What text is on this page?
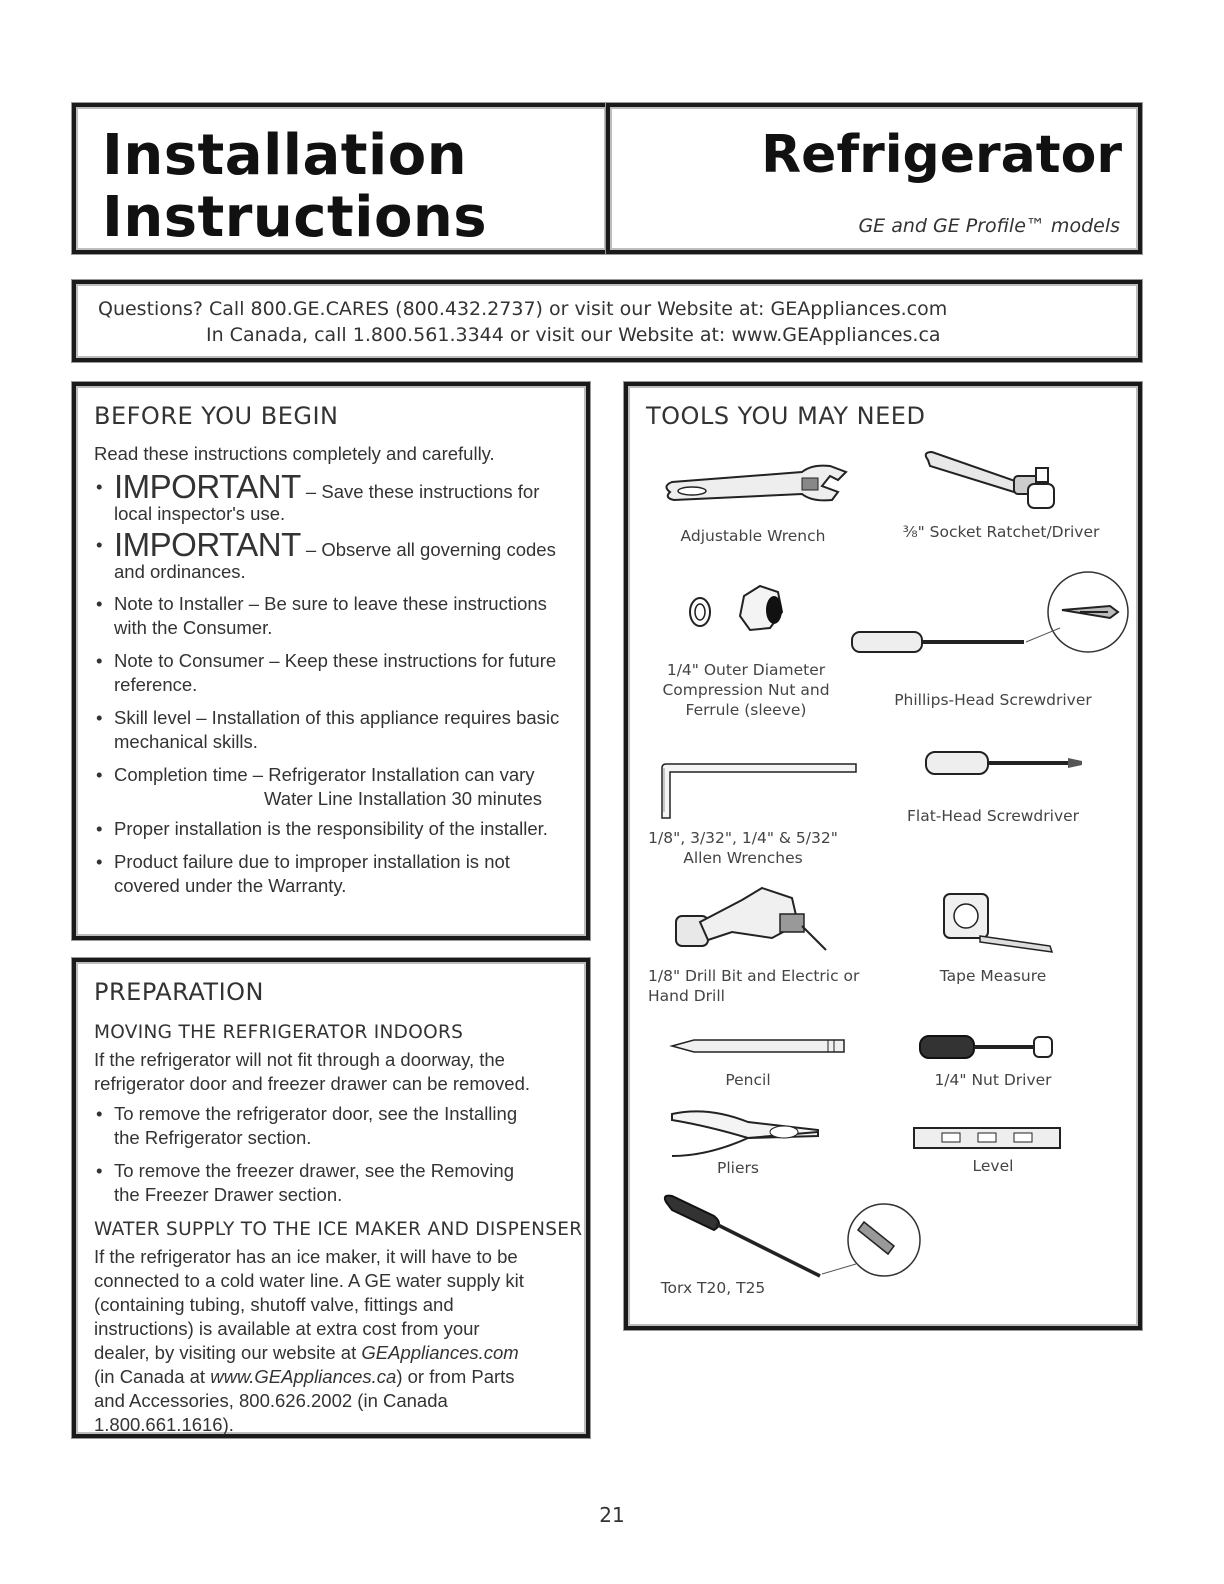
Installation
Instructions
Refrigerator
GE and GE Profile™ models
Questions? Call 800.GE.CARES (800.432.2737) or visit our Website at: GEAppliances.com
In Canada, call 1.800.561.3344 or visit our Website at: www.GEAppliances.ca
BEFORE YOU BEGIN
Read these instructions completely and carefully.
• IMPORTANT – Save these instructions for local inspector's use.
• IMPORTANT – Observe all governing codes and ordinances.
• Note to Installer – Be sure to leave these instructions with the Consumer.
• Note to Consumer – Keep these instructions for future reference.
• Skill level – Installation of this appliance requires basic mechanical skills.
• Completion time – Refrigerator Installation can vary
Water Line Installation 30 minutes
• Proper installation is the responsibility of the installer.
• Product failure due to improper installation is not covered under the Warranty.
PREPARATION
MOVING THE REFRIGERATOR INDOORS
If the refrigerator will not fit through a doorway, the refrigerator door and freezer drawer can be removed.
• To remove the refrigerator door, see the Installing the Refrigerator section.
• To remove the freezer drawer, see the Removing the Freezer Drawer section.
WATER SUPPLY TO THE ICE MAKER AND DISPENSER
If the refrigerator has an ice maker, it will have to be connected to a cold water line. A GE water supply kit (containing tubing, shutoff valve, fittings and instructions) is available at extra cost from your dealer, by visiting our website at GEAppliances.com (in Canada at www.GEAppliances.ca) or from Parts and Accessories, 800.626.2002 (in Canada 1.800.661.1616).
TOOLS YOU MAY NEED
Adjustable Wrench	³⁄₈" Socket Ratchet/Driver
1/4" Outer Diameter Compression Nut and Ferrule (sleeve)
Phillips-Head Screwdriver
Flat-Head Screwdriver
1/8", 3/32", 1/4" & 5/32" Allen Wrenches
1/8" Drill Bit and Electric or Hand Drill
Tape Measure
Pencil	1/4" Nut Driver
Pliers	Level
Torx T20, T25
21
